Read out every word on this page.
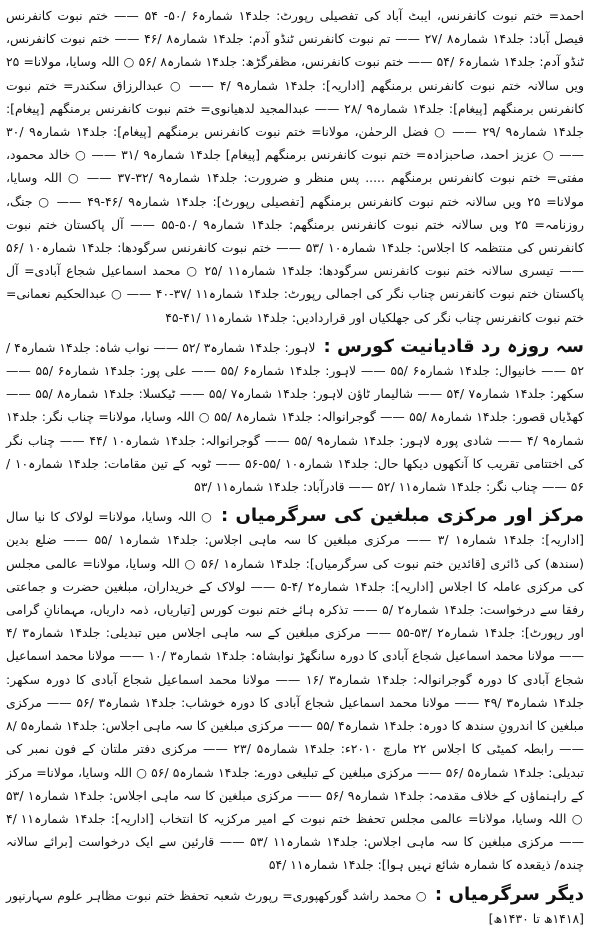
احمد= ختم نبوت کانفرنس، ایبٹ آباد کی تفصیلی رپورٹ: جلد۱۴ شمارہ۶ /۵۰- ۵۴ —— ختم نبوت کانفرنس فیصل آباد: جلد۱۴ شمارہ۸ /۲۷ —— تم نبوت کانفرنس ٹنڈو آدم: جلد۱۴ شمارہ۸ /۴۶ —— ختم نبوت کانفرنس، ٹنڈو آدم: جلد۱۴ شمارہ۶ /۵۴ —— ختم نبوت کانفرنس، مظفرگڑھ: جلد۱۴ شمارہ۸ /۵۶ ○ اللہ وسایا، مولانا= ۲۵ ویں سالانہ ختم نبوت کانفرنس برمنگھم [اداریہ]: جلد۱۴ شمارہ۹ /۴ —— ○ عبدالرزاق سکندر= ختم نبوت کانفرنس برمنگھم [پیغام]: جلد۱۴ شمارہ۹ /۲۸ —— عبدالمجید لدھیانوی= ختم نبوت کانفرنس برمنگھم [پیغام]: جلد۱۴ شمارہ۹ /۲۹ —— ○ فضل الرحمٰن، مولانا= ختم نبوت کانفرنس برمنگھم [پیغام]: جلد۱۴ شمارہ۹ /۳۰ —— ○ عزیز احمد، صاحبزادہ= ختم نبوت کانفرنس برمنگھم [پیغام] جلد۱۴ شمارہ۹ /۳۱ —— ○ خالد محمود، مفتی= ختم نبوت کانفرنس برمنگھم ..... پس منظر و ضرورت: جلد۱۴ شمارہ۹ /۳۲-۳۷ —— ○ اللہ وسایا، مولانا= ۲۵ ویں سالانہ ختم نبوت کانفرنس برمنگھم [تفصیلی رپورٹ]: جلد۱۴ شمارہ۹ /۴۶-۴۹ —— ○ جنگ، روزنامہ= ۲۵ ویں سالانہ ختم نبوت کانفرنس برمنگھم: جلد۱۴ شمارہ۹ /۵۰-۵۵ —— آل پاکستان ختم نبوت کانفرنس کی منتظمہ کا اجلاس: جلد۱۴ شمارہ۱۰ /۵۳ —— ختم نبوت کانفرنس سرگودھا: جلد۱۴ شمارہ۱۰ /۵۶ —— تیسری سالانہ ختم نبوت کانفرنس سرگودھا: جلد۱۴ شمارہ۱۱ /۲۵ ○ محمد اسماعیل شجاع آبادی= آل پاکستان ختم نبوت کانفرنس چناب نگر کی اجمالی رپورٹ: جلد۱۴ شمارہ۱۱ /۳۷-۴۰ —— ○ عبدالحکیم نعمانی= ختم نبوت کانفرنس چناب نگر کی جھلکیاں اور قراردادیں: جلد۱۴ شمارہ۱۱ /۴۱-۴۵

سہ روزہ رد قادیانیت کورس :لاہور: جلد۱۴ شمارہ۳ /۵۲ —— نواب شاہ: جلد۱۴ شمارہ۴ /۵۲ —— خانیوال: جلد۱۴ شمارہ۶ /۵۵ —— لاہور: جلد۱۴ شمارہ۶ /۵۵ —— علی پور: جلد۱۴ شمارہ۶ /۵۵ —— سکھر: جلد۱۴ شمارہ۷ /۵۴ —— شالیمار ٹاؤن لاہور: جلد۱۴ شمارہ۷ /۵۵ —— ٹیکسلا: جلد۱۴ شمارہ۸ /۵۵ —— کھڈیاں قصور: جلد۱۴ شمارہ۸ /۵۵ —— گوجرانوالہ: جلد۱۴ شمارہ۸ /۵۵ ○ اللہ وسایا، مولانا= چناب نگر: جلد۱۴ شمارہ۹ /۴ —— شادی پورہ لاہور: جلد۱۴ شمارہ۹ /۵۵ —— گوجرانوالہ: جلد۱۴ شمارہ۱۰ /۴۴ —— چناب نگر کی اختتامی تقریب کا آنکھوں دیکھا حال: جلد۱۴ شمارہ۱۰ /۵۵-۵۶ —— ٹوبہ کے تین مقامات: جلد۱۴ شمارہ۱۰ /۵۶ —— چناب نگر: جلد۱۴ شمارہ۱۱ /۵۲ —— قادرآباد: جلد۱۴ شمارہ۱۱ /۵۳

مرکز اور مرکزی مبلغین کی سرگرمیاں :○ اللہ وسایا، مولانا= لولاک کا نیا سال [اداریہ]: جلد۱۴ شمارہ۱ /۳ —— مرکزی مبلغین کا سہ ماہی اجلاس: جلد۱۴ شمارہ۱ /۵۵ —— ضلع بدین (سندھ) کی ڈائری [قائدین ختم نبوت کی سرگرمیاں]: جلد۱۴ شمارہ۱ /۵۶ ○ اللہ وسایا، مولانا= عالمی مجلس کی مرکزی عاملہ کا اجلاس [اداریہ]: جلد۱۴ شمارہ۲ /۴-۵ —— لولاک کے خریداران، مبلغین حضرت و جماعتی رفقا سے درخواست: جلد۱۴ شمارہ۲ /۵ —— تذکرہ ہائے ختم نبوت کورس [تیاریاں، ذمہ داریاں، مہمانانِ گرامی اور رپورٹ]: جلد۱۴ شمارہ۲ /۵۳-۵۵ —— مرکزی مبلغین کے سہ ماہی اجلاس میں تبدیلی: جلد۱۴ شمارہ۳ /۴ —— مولانا محمد اسماعیل شجاع آبادی کا دورہ سانگھڑ نوابشاہ: جلد۱۴ شمارہ۳ /۱۰ —— مولانا محمد اسماعیل شجاع آبادی کا دورہ گوجرانوالہ: جلد۱۴ شمارہ۳ /۱۶ —— مولانا محمد اسماعیل شجاع آبادی کا دورہ سکھر: جلد۱۴ شمارہ۳ /۴۹ —— مولانا محمد اسماعیل شجاع آبادی کا دورہ خوشاب: جلد۱۴ شمارہ۳ /۵۶ —— مرکزی مبلغین کا اندرونِ سندھ کا دورہ: جلد۱۴ شمارہ۴ /۵۵ —— مرکزی مبلغین کا سہ ماہی اجلاس: جلد۱۴ شمارہ۵ /۸ —— رابطہ کمیٹی کا اجلاس ۲۲ مارچ ۲۰۱۰ء: جلد۱۴ شمارہ۵ /۲۳ —— مرکزی دفتر ملتان کے فون نمبر کی تبدیلی: جلد۱۴ شمارہ۵ /۵۶ —— مرکزی مبلغین کے تبلیغی دورے: جلد۱۴ شمارہ۵ /۵۶ ○ اللہ وسایا، مولانا= مرکز کے راہنماؤں کے خلاف مقدمہ: جلد۱۴ شمارہ۹ /۵۶ —— مرکزی مبلغین کا سہ ماہی اجلاس: جلد۱۴ شمارہ۱ /۵۳ ○ اللہ وسایا، مولانا= عالمی مجلس تحفظ ختم نبوت کے امیر مرکزیہ کا انتخاب [اداریہ]: جلد۱۴ شمارہ۱۱ /۴ —— مرکزی مبلغین کا سہ ماہی اجلاس: جلد۱۴ شمارہ۱۱ /۵۳ —— قارئین سے ایک درخواست [برائے سالانہ چندہ/ ذیقعدہ کا شمارہ شائع نہیں ہوا]: جلد۱۴ شمارہ۱۱ /۵۴

دیگر سرگرمیاں :○ محمد راشد گورکھپوری= رپورٹ شعبہ تحفظ ختم نبوت مظاہر علوم سہارنپور [۱۴۱۸ھ تا ۱۴۳۰ھ]
